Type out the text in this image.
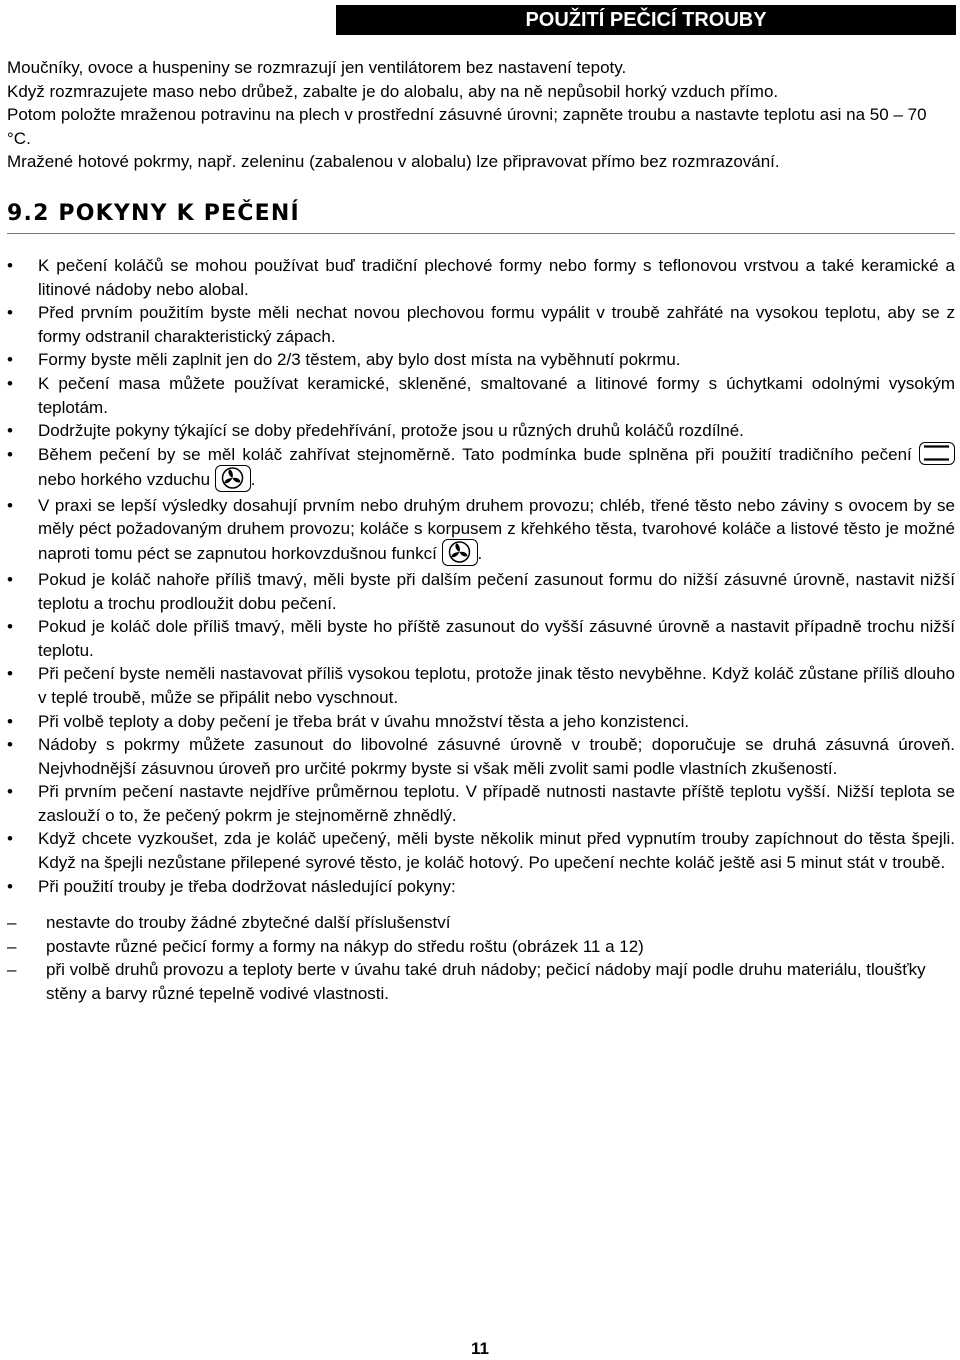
POUŽITÍ PEČICÍ TROUBY

Moučníky, ovoce a huspeniny se rozmrazují jen ventilátorem bez nastavení tepoty.

Když rozmrazujete maso nebo drůbež, zabalte je do alobalu, aby na ně nepůsobil horký vzduch přímo.

Potom položte mraženou potravinu na plech v prostřední zásuvné úrovni; zapněte troubu a nastavte teplotu asi na 50 – 70 °C.

Mražené hotové pokrmy, např. zeleninu (zabalenou v alobalu) lze připravovat přímo bez rozmrazování.

9.2 POKYNY K PEČENÍ
• K pečení koláčů se mohou používat buď tradiční plechové formy nebo formy s teflonovou vrstvou a také keramické a litinové nádoby nebo alobal.
• Před prvním použitím byste měli nechat novou plechovou formu vypálit v troubě zahřáté na vysokou teplotu, aby se z formy odstranil charakteristický zápach.
• Formy byste měli zaplnit jen do 2/3 těstem, aby bylo dost místa na vyběhnutí pokrmu.
• K pečení masa můžete používat keramické, skleněné, smaltované a litinové formy s úchytkami odolnými vysokým teplotám.
• Dodržujte pokyny týkající se doby předehřívání, protože jsou u různých druhů koláčů rozdílné.
• Během pečení by se měl koláč zahřívat stejnoměrně. Tato podmínka bude splněna při použití tradičního pečení
nebo horkého vzduchu .
• V praxi se lepší výsledky dosahují prvním nebo druhým druhem provozu; chléb, třené těsto nebo záviny s ovocem by se měly péct požadovaným druhem provozu; koláče s korpusem z křehkého těsta, tvarohové koláče a listové těsto je možné naproti tomu péct se zapnutou horkovzdušnou funkcí .
• Pokud je koláč nahoře příliš tmavý, měli byste při dalším pečení zasunout formu do nižší zásuvné úrovně, nastavit nižší teplotu a trochu prodloužit dobu pečení.
• Pokud je koláč dole příliš tmavý, měli byste ho příště zasunout do vyšší zásuvné úrovně a nastavit případně trochu nižší teplotu.
• Při pečení byste neměli nastavovat příliš vysokou teplotu, protože jinak těsto nevyběhne. Když koláč zůstane příliš dlouho v teplé troubě, může se připálit nebo vyschnout.
• Při volbě teploty a doby pečení je třeba brát v úvahu množství těsta a jeho konzistenci.
• Nádoby s pokrmy můžete zasunout do libovolné zásuvné úrovně v troubě; doporučuje se druhá zásuvná úroveň. Nejvhodnější zásuvnou úroveň pro určité pokrmy byste si však měli zvolit sami podle vlastních zkušeností.
• Při prvním pečení nastavte nejdříve průměrnou teplotu. V případě nutnosti nastavte příště teplotu vyšší. Nižší teplota se zaslouží o to, že pečený pokrm je stejnoměrně zhnědlý.
• Když chcete vyzkoušet, zda je koláč upečený, měli byste několik minut před vypnutím trouby zapíchnout do těsta špejli. Když na špejli nezůstane přilepené syrové těsto, je koláč hotový. Po upečení nechte koláč ještě asi 5 minut stát v troubě.
• Při použití trouby je třeba dodržovat následující pokyny:
– nestavte do trouby žádné zbytečné další příslušenství
– postavte různé pečicí formy a formy na nákyp do středu roštu (obrázek 11 a 12)
– při volbě druhů provozu a teploty berte v úvahu také druh nádoby; pečicí nádoby mají podle druhu materiálu, tloušťky stěny a barvy různé tepelně vodivé vlastnosti.
11
